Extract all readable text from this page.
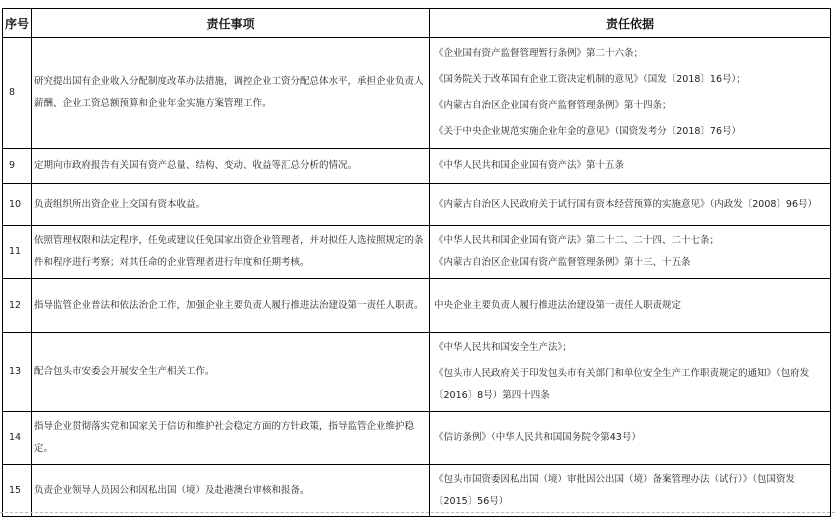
序号	责任事项	责任依据
8	研究提出国有企业收入分配制度改革办法措施，调控企业工资分配总体水平，承担企业负责人薪酬、企业工资总额预算和企业年金实施方案管理工作。	《企业国有资产监督管理暂行条例》第二十六条；
《国务院关于改革国有企业工资决定机制的意见》（国发〔2018〕16号）；
《内蒙古自治区企业国有资产监督管理条例》第十四条；
《关于中央企业规范实施企业年金的意见》（国资发考分〔2018〕76号）

9	定期向市政府报告有关国有资产总量、结构、变动、收益等汇总分析的情况。	《中华人民共和国企业国有资产法》第十五条

10	负责组织所出资企业上交国有资本收益。	《内蒙古自治区人民政府关于试行国有资本经营预算的实施意见》（内政发〔2008〕96号）

11	依照管理权限和法定程序，任免或建议任免国家出资企业管理者，并对拟任人选按照规定的条件和程序进行考察；对其任命的企业管理者进行年度和任期考核。	《中华人民共和国企业国有资产法》第二十二、二十四、二十七条；
《内蒙古自治区企业国有资产监督管理条例》第十三、十五条

12	指导监管企业普法和依法治企工作，加强企业主要负责人履行推进法治建设第一责任人职责。	中央企业主要负责人履行推进法治建设第一责任人职责规定

13	配合包头市安委会开展安全生产相关工作。	《中华人民共和国安全生产法》；
《包头市人民政府关于印发包头市有关部门和单位安全生产工作职责规定的通知》（包府发〔2016〕8号）第四十四条

14	指导企业贯彻落实党和国家关于信访和维护社会稳定方面的方针政策，指导监管企业维护稳定。	《信访条例》（中华人民共和国国务院令第43号）

15	负责企业领导人员因公和因私出国（境）及赴港澳台审核和报备。	《包头市国资委因私出国（境）审批因公出国（境）备案管理办法（试行）》（包国资发〔2015〕56号）
